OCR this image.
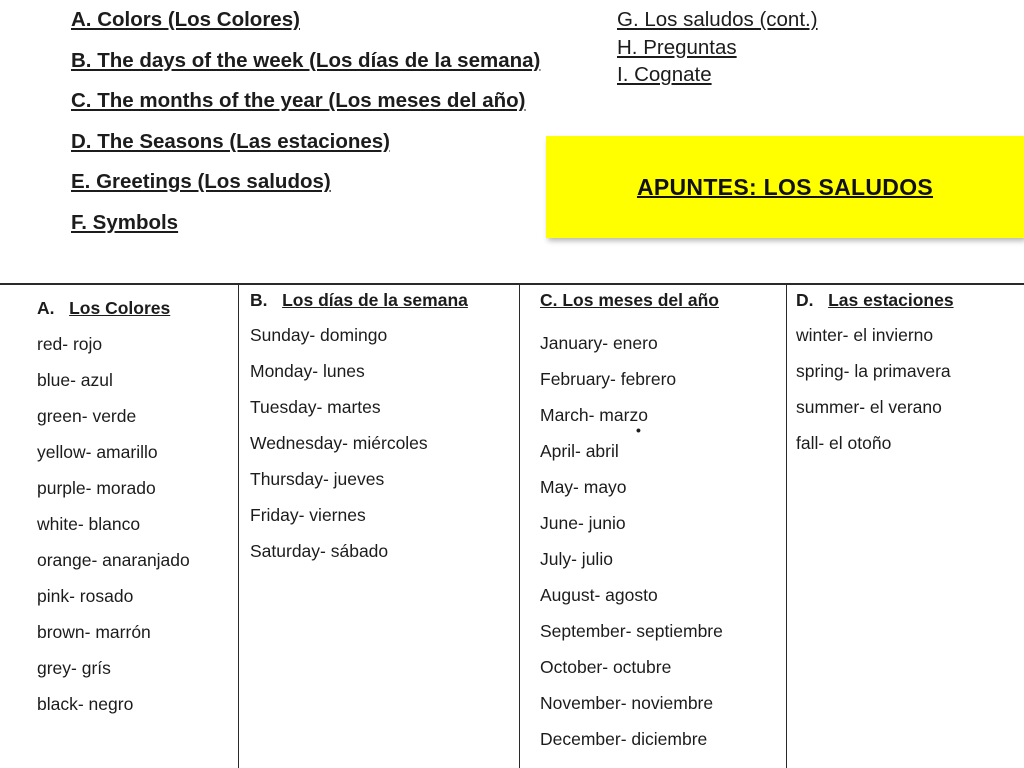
A. Colors (Los Colores)
B. The days of the week (Los días de la semana)
C. The months of the year (Los meses del año)
D. The Seasons (Las estaciones)
E. Greetings (Los saludos)
F. Symbols
G. Los saludos (cont.)
H. Preguntas
I. Cognate
APUNTES: LOS SALUDOS
A. Los Colores
red- rojo
blue- azul
green- verde
yellow- amarillo
purple- morado
white- blanco
orange- anaranjado
pink- rosado
brown- marrón
grey- grís
black- negro
B. Los días de la semana
Sunday- domingo
Monday- lunes
Tuesday- martes
Wednesday- miércoles
Thursday- jueves
Friday- viernes
Saturday- sábado
C. Los meses del año
January- enero
February- febrero
March- marzo
April- abril
May- mayo
June- junio
July- julio
August- agosto
September- septiembre
October- octubre
November- noviembre
December- diciembre
•
D. Las estaciones
winter- el invierno
spring- la primavera
summer- el verano
fall- el otoño
